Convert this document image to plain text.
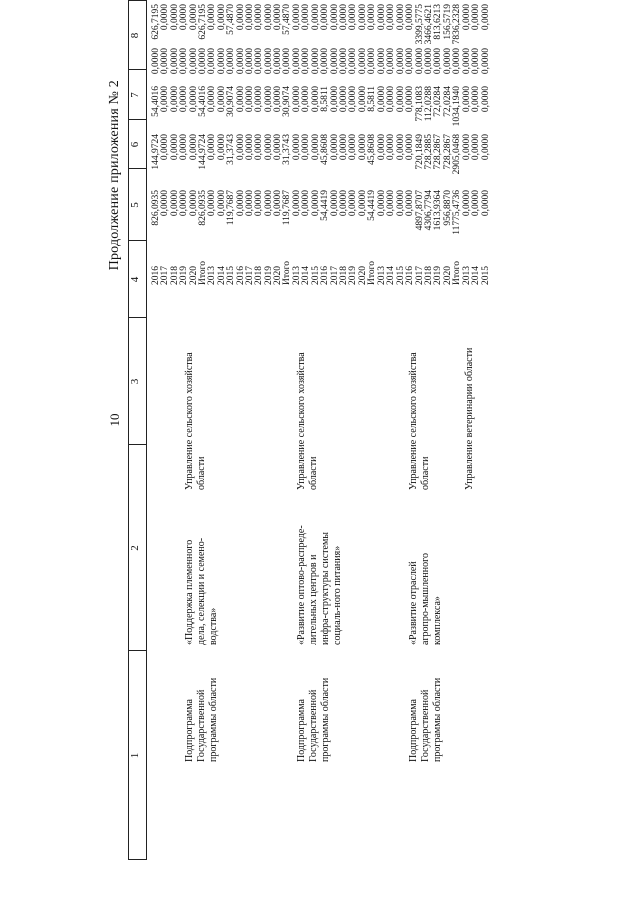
10
Продолжение приложения № 2
1
2
3
4
5
6
7
8
Подпрограмма Государственной программы области
«Поддержка племенного дела, селекции и семено-водства»
Управление сельского хозяйства области
2016 2017 2018 2019 2020 Итого 2013 2014 2015 2016 2017 2018 2019 2020 Итого
826,0935 0,0000 0,0000 0,0000 0,0000 826,0935 0,0000 0,0000 119,7687 0,0000 0,0000 0,0000 0,0000 0,0000 119,7687
144,9724 0,0000 0,0000 0,0000 0,0000 144,9724 0,0000 0,0000 31,3743 0,0000 0,0000 0,0000 0,0000 0,0000 31,3743
54,4016 0,0000 0,0000 0,0000 0,0000 54,4016 0,0000 0,0000 30,9074 0,0000 0,0000 0,0000 0,0000 0,0000 30,9074
0,0000 0,0000 0,0000 0,0000 0,0000 0,0000 0,0000 0,0000 0,0000 0,0000 0,0000 0,0000 0,0000 0,0000 0,0000
626,7195 0,0000 0,0000 0,0000 0,0000 626,7195 0,0000 0,0000 57,4870 0,0000 0,0000 0,0000 0,0000 0,0000 57,4870
Подпрограмма Государственной программы области
«Развитие оптово-распреде-лительных центров и инфра-структуры системы социаль-ного питания»
Управление сельского хозяйства области
2013 2014 2015 2016 2017 2018 2019 2020 Итого
0,0000 0,0000 0,0000 54,4419 0,0000 0,0000 0,0000 0,0000 54,4419
0,0000 0,0000 0,0000 45,8608 0,0000 0,0000 0,0000 0,0000 45,8608
0,0000 0,0000 0,0000 8,5811 0,0000 0,0000 0,0000 0,0000 8,5811
0,0000 0,0000 0,0000 0,0000 0,0000 0,0000 0,0000 0,0000 0,0000
0,0000 0,0000 0,0000 0,0000 0,0000 0,0000 0,0000 0,0000 0,0000
Подпрограмма Государственной программы области
«Развитие отраслей агропро-мышленного комплекса»
Управление сельского хозяйства области
2013 2014 2015 2016 2017 2018 2019 2020 Итого
0,0000 0,0000 0,0000 0,0000 4897,8707 4306,7794 1613,9364 956,8870 11775,4736
0,0000 0,0000 0,0000 0,0000 720,1849 728,2885 728,2867 728,2867 2905,0468
0,0000 0,0000 0,0000 0,0000 778,1083 112,0288 72,0284 72,0284 1034,1940
0,0000 0,0000 0,0000 0,0000 0,0000 0,0000 0,0000 0,0000 0,0000
0,0000 0,0000 0,0000 0,0000 3399,5775 3466,4621 813,6213 156,5719 7836,2328
Управление ветеринарии области
2013 2014 2015
0,0000 0,0000 0,0000
0,0000 0,0000 0,0000
0,0000 0,0000 0,0000
0,0000 0,0000 0,0000
0,0000 0,0000 0,0000
